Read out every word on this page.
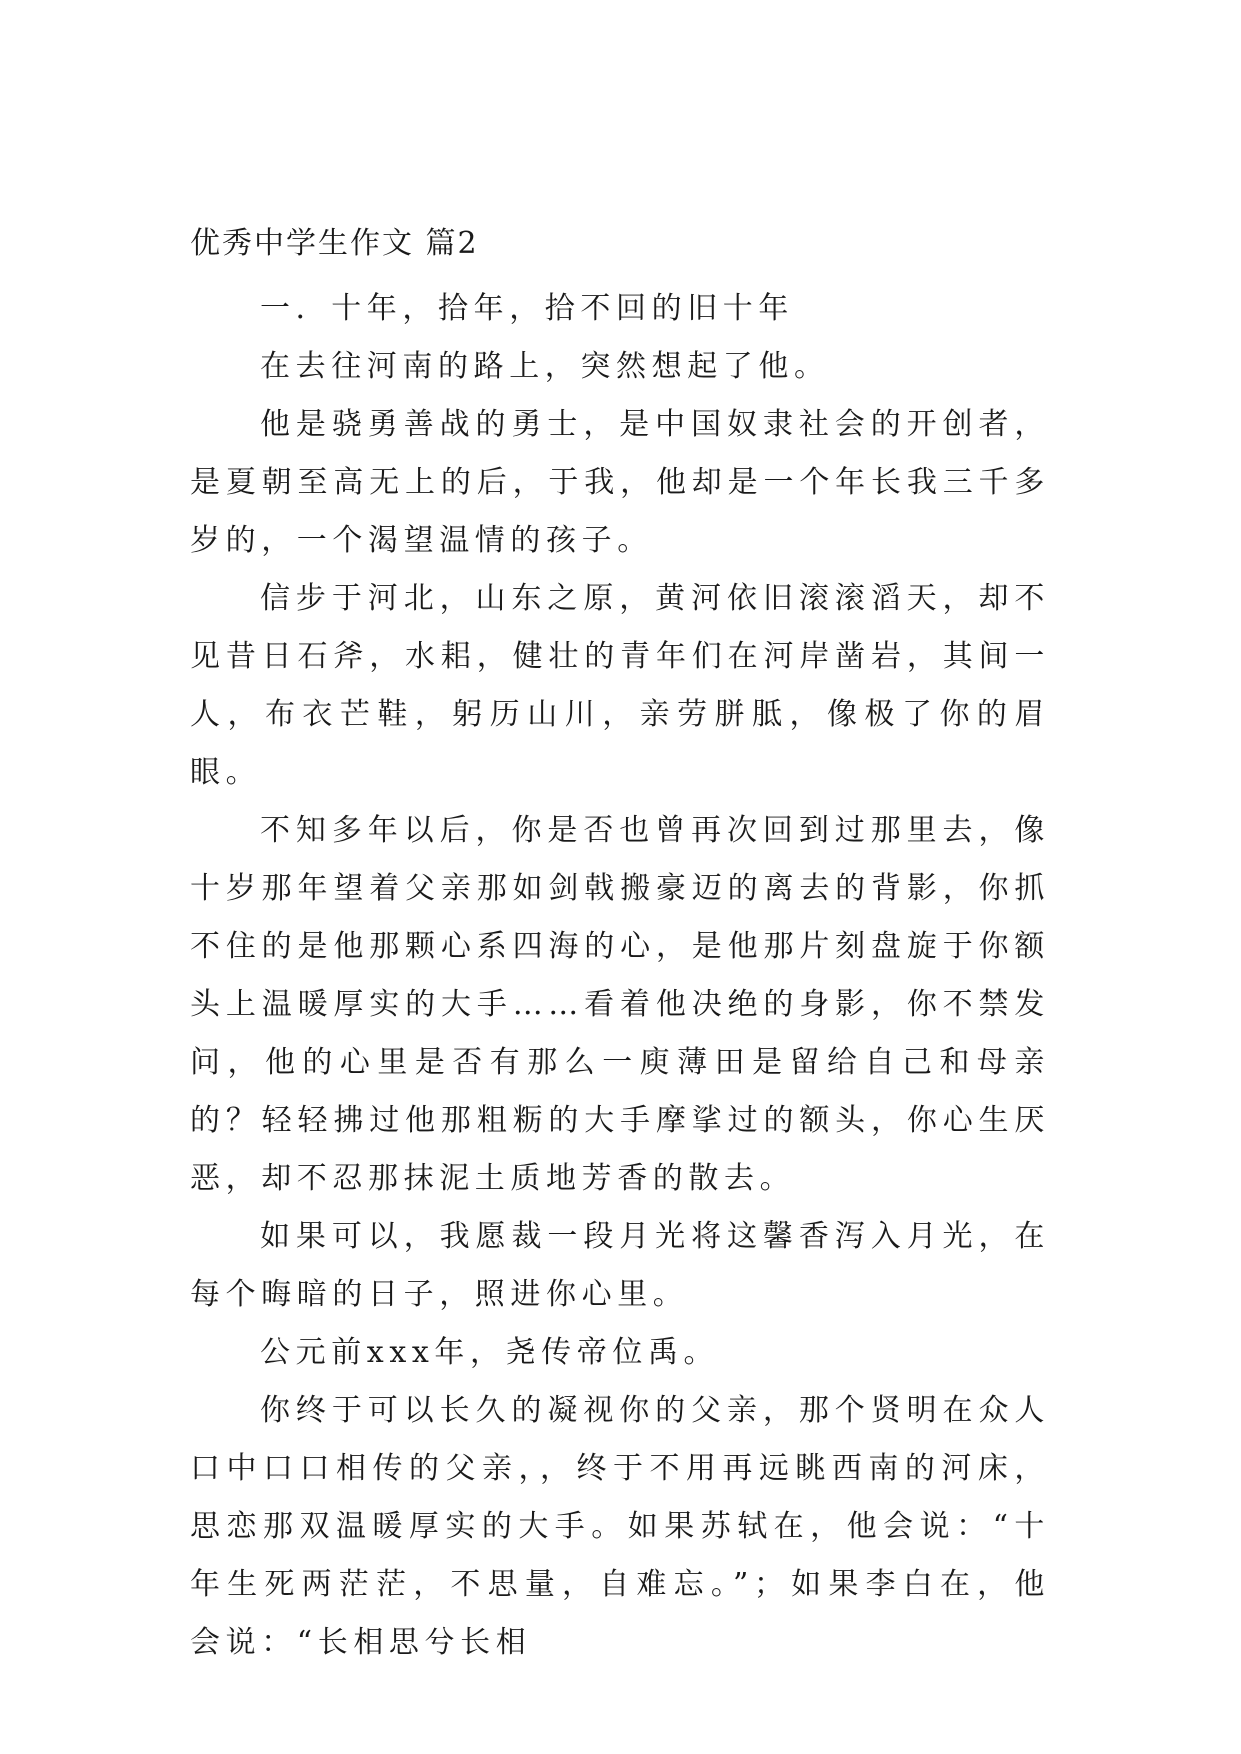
优秀中学生作文 篇2

一．十年，拾年，拾不回的旧十年

在去往河南的路上，突然想起了他。

他是骁勇善战的勇士，是中国奴隶社会的开创者，是夏朝至高无上的后，于我，他却是一个年长我三千多岁的，一个渴望温情的孩子。

信步于河北，山东之原，黄河依旧滚滚滔天，却不见昔日石斧，水耜，健壮的青年们在河岸凿岩，其间一人，布衣芒鞋，躬历山川，亲劳胼胝，像极了你的眉眼。

不知多年以后，你是否也曾再次回到过那里去，像十岁那年望着父亲那如剑戟搬豪迈的离去的背影，你抓不住的是他那颗心系四海的心，是他那片刻盘旋于你额头上温暖厚实的大手……看着他决绝的身影，你不禁发问，他的心里是否有那么一庾薄田是留给自己和母亲的？轻轻拂过他那粗粝的大手摩挲过的额头，你心生厌恶，却不忍那抹泥土质地芳香的散去。

如果可以，我愿裁一段月光将这馨香泻入月光，在每个晦暗的日子，照进你心里。

公元前xxx年，尧传帝位禹。

你终于可以长久的凝视你的父亲，那个贤明在众人口中口口相传的父亲，，终于不用再远眺西南的河床，思恋那双温暖厚实的大手。如果苏轼在，他会说：“十年生死两茫茫，不思量，自难忘。”；如果李白在，他会说：“长相思兮长相
